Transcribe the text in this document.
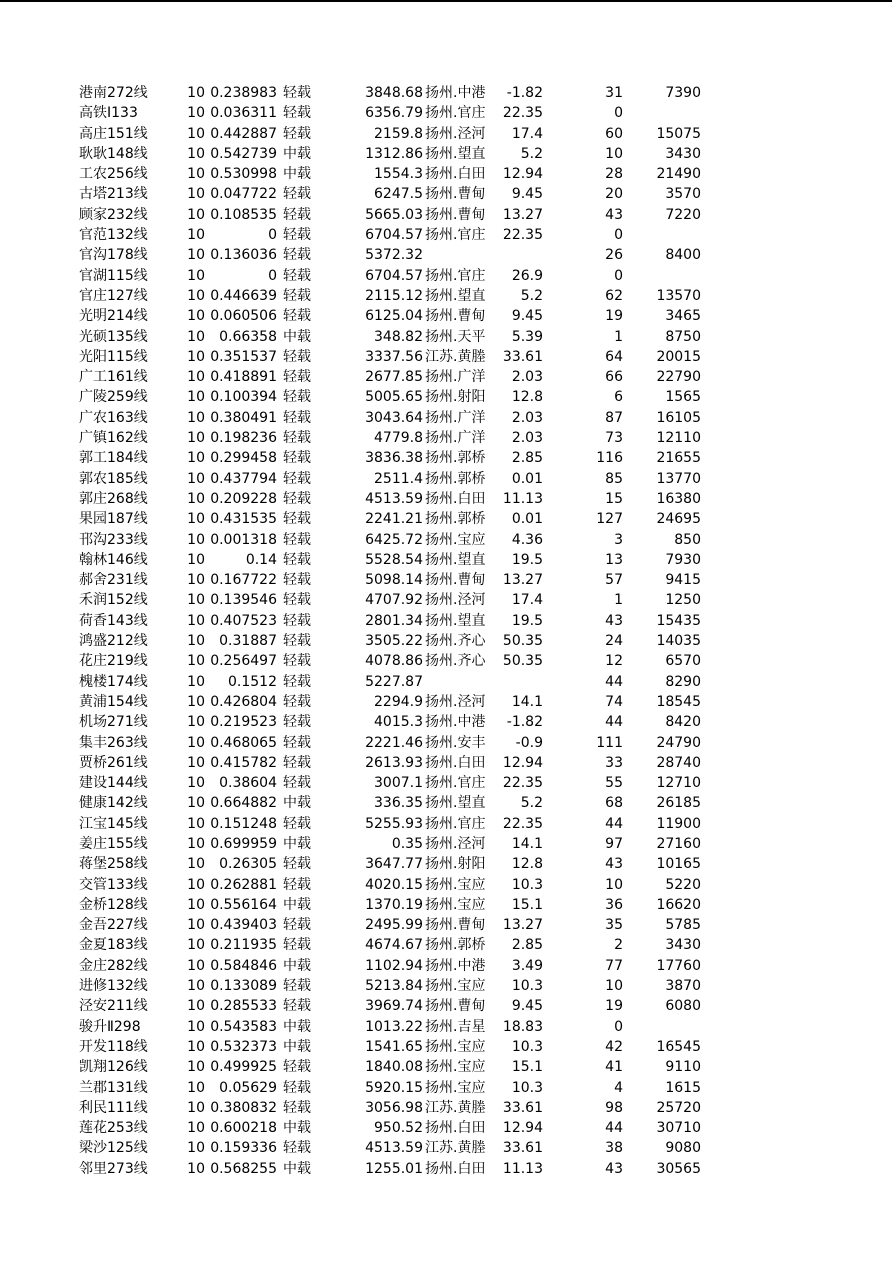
港南272线	10	0.238983	轻载	3848.68	扬州.中港	-1.82	31	7390
高铁Ⅰ133	10	0.036311	轻载	6356.79	扬州.官庄	22.35	0	
高庄151线	10	0.442887	轻载	2159.8	扬州.泾河	17.4	60	15075
耿耿148线	10	0.542739	中载	1312.86	扬州.望直	5.2	10	3430
工农256线	10	0.530998	中载	1554.3	扬州.白田	12.94	28	21490
古塔213线	10	0.047722	轻载	6247.5	扬州.曹甸	9.45	20	3570
顾家232线	10	0.108535	轻载	5665.03	扬州.曹甸	13.27	43	7220
官范132线	10	0	轻载	6704.57	扬州.官庄	22.35	0	
官沟178线	10	0.136036	轻载	5372.32			26	8400
官湖115线	10	0	轻载	6704.57	扬州.官庄	26.9	0	
官庄127线	10	0.446639	轻载	2115.12	扬州.望直	5.2	62	13570
光明214线	10	0.060506	轻载	6125.04	扬州.曹甸	9.45	19	3465
光硕135线	10	0.66358	中载	348.82	扬州.天平	5.39	1	8750
光阳115线	10	0.351537	轻载	3337.56	江苏.黄塍	33.61	64	20015
广工161线	10	0.418891	轻载	2677.85	扬州.广洋	2.03	66	22790
广陵259线	10	0.100394	轻载	5005.65	扬州.射阳	12.8	6	1565
广农163线	10	0.380491	轻载	3043.64	扬州.广洋	2.03	87	16105
广镇162线	10	0.198236	轻载	4779.8	扬州.广洋	2.03	73	12110
郭工184线	10	0.299458	轻载	3836.38	扬州.郭桥	2.85	116	21655
郭农185线	10	0.437794	轻载	2511.4	扬州.郭桥	0.01	85	13770
郭庄268线	10	0.209228	轻载	4513.59	扬州.白田	11.13	15	16380
果园187线	10	0.431535	轻载	2241.21	扬州.郭桥	0.01	127	24695
邗沟233线	10	0.001318	轻载	6425.72	扬州.宝应	4.36	3	850
翰林146线	10	0.14	轻载	5528.54	扬州.望直	19.5	13	7930
郝舍231线	10	0.167722	轻载	5098.14	扬州.曹甸	13.27	57	9415
禾润152线	10	0.139546	轻载	4707.92	扬州.泾河	17.4	1	1250
荷香143线	10	0.407523	轻载	2801.34	扬州.望直	19.5	43	15435
鸿盛212线	10	0.31887	轻载	3505.22	扬州.齐心	50.35	24	14035
花庄219线	10	0.256497	轻载	4078.86	扬州.齐心	50.35	12	6570
槐楼174线	10	0.1512	轻载	5227.87			44	8290
黄浦154线	10	0.426804	轻载	2294.9	扬州.泾河	14.1	74	18545
机场271线	10	0.219523	轻载	4015.3	扬州.中港	-1.82	44	8420
集丰263线	10	0.468065	轻载	2221.46	扬州.安丰	-0.9	111	24790
贾桥261线	10	0.415782	轻载	2613.93	扬州.白田	12.94	33	28740
建设144线	10	0.38604	轻载	3007.1	扬州.官庄	22.35	55	12710
健康142线	10	0.664882	中载	336.35	扬州.望直	5.2	68	26185
江宝145线	10	0.151248	轻载	5255.93	扬州.官庄	22.35	44	11900
姜庄155线	10	0.699959	中载	0.35	扬州.泾河	14.1	97	27160
蒋堡258线	10	0.26305	轻载	3647.77	扬州.射阳	12.8	43	10165
交管133线	10	0.262881	轻载	4020.15	扬州.宝应	10.3	10	5220
金桥128线	10	0.556164	中载	1370.19	扬州.宝应	15.1	36	16620
金吾227线	10	0.439403	轻载	2495.99	扬州.曹甸	13.27	35	5785
金夏183线	10	0.211935	轻载	4674.67	扬州.郭桥	2.85	2	3430
金庄282线	10	0.584846	中载	1102.94	扬州.中港	3.49	77	17760
进修132线	10	0.133089	轻载	5213.84	扬州.宝应	10.3	10	3870
泾安211线	10	0.285533	轻载	3969.74	扬州.曹甸	9.45	19	6080
骏升Ⅱ298	10	0.543583	中载	1013.22	扬州.吉星	18.83	0	
开发118线	10	0.532373	中载	1541.65	扬州.宝应	10.3	42	16545
凯翔126线	10	0.499925	轻载	1840.08	扬州.宝应	15.1	41	9110
兰郡131线	10	0.05629	轻载	5920.15	扬州.宝应	10.3	4	1615
利民111线	10	0.380832	轻载	3056.98	江苏.黄塍	33.61	98	25720
莲花253线	10	0.600218	中载	950.52	扬州.白田	12.94	44	30710
梁沙125线	10	0.159336	轻载	4513.59	江苏.黄塍	33.61	38	9080
邻里273线	10	0.568255	中载	1255.01	扬州.白田	11.13	43	30565
